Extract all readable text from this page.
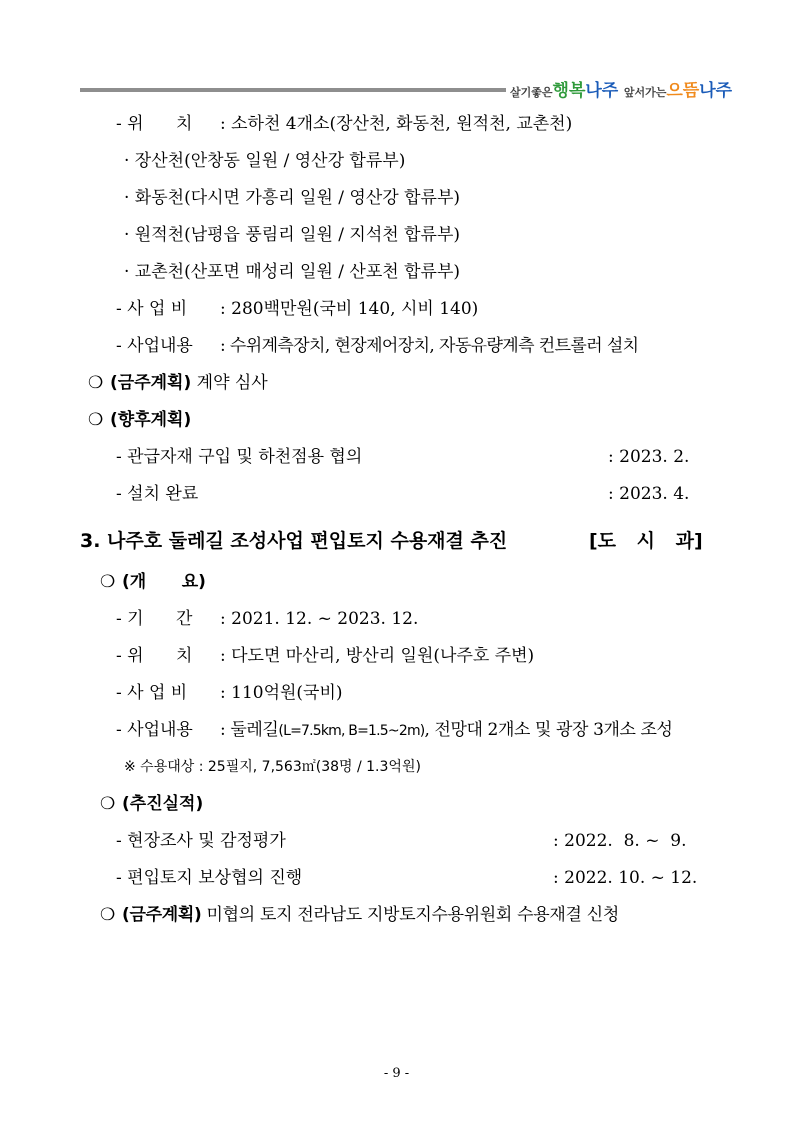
살기좋은행복나주 앞서가는으뜸나주
- 위      치 : 소하천 4개소(장산천, 화동천, 원적천, 교촌천)
· 장산천(안창동 일원 / 영산강 합류부)
· 화동천(다시면 가흥리 일원 / 영산강 합류부)
· 원적천(남평읍 풍림리 일원 / 지석천 합류부)
· 교촌천(산포면 매성리 일원 / 산포천 합류부)
- 사 업 비 : 280백만원(국비 140, 시비 140)
- 사업내용 : 수위계측장치, 현장제어장치, 자동유량계측 컨트롤러 설치
❍ (금주계획) 계약 심사
❍ (향후계획)
- 관급자재 구입 및 하천점용 협의	: 2023. 2.
- 설치 완료	: 2023. 4.
3. 나주호 둘레길 조성사업 편입토지 수용재결 추진	[도 시 과]
❍ (개      요)
- 기      간 : 2021. 12. ~ 2023. 12.
- 위      치 : 다도면 마산리, 방산리 일원(나주호 주변)
- 사 업 비 : 110억원(국비)
- 사업내용 : 둘레길(L=7.5km, B=1.5~2m), 전망대 2개소 및 광장 3개소 조성
※ 수용대상 : 25필지, 7,563㎡(38명 / 1.3억원)
❍ (추진실적)
- 현장조사 및 감정평가	: 2022.  8. ~  9.
- 편입토지 보상협의 진행	: 2022. 10. ~ 12.
❍ (금주계획) 미협의 토지 전라남도 지방토지수용위원회 수용재결 신청
- 9 -
